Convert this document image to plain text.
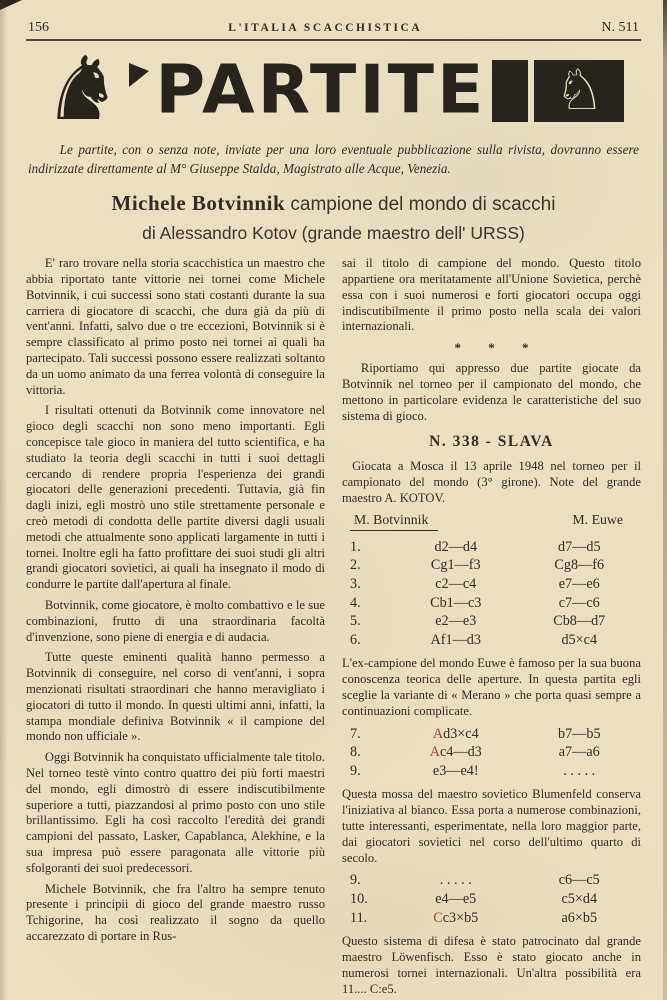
156	L'ITALIA SCACCHISTICA	N. 511
♞ PARTITE ♘

Le partite, con o senza note, inviate per una loro eventuale pubblicazione sulla rivista, dovranno essere indirizzate direttamente al M° Giuseppe Stalda, Magistrato alle Acque, Venezia.

Michele Botvinnik campione del mondo di scacchi
di Alessandro Kotov (grande maestro dell' URSS)

E' raro trovare nella storia scacchistica un maestro che abbia riportato tante vittorie nei tornei come Michele Botvinnik, i cui successi sono stati costanti durante la sua carriera di giocatore di scacchi, che dura già da più di vent'anni. Infatti, salvo due o tre eccezioni, Botvinnik si è sempre classificato al primo posto nei tornei ai quali ha partecipato. Tali successi possono essere realizzati soltanto da un uomo animato da una ferrea volontà di conseguire la vittoria.

I risultati ottenuti da Botvinnik come innovatore nel gioco degli scacchi non sono meno importanti. Egli concepisce tale gioco in maniera del tutto scientifica, e ha studiato la teoria degli scacchi in tutti i suoi dettagli cercando di rendere propria l'esperienza dei grandi giocatori delle generazioni precedenti. Tuttavia, già fin dagli inizi, egli mostrò uno stile strettamente personale e creò metodi di condotta delle partite diversi dagli usuali metodi che attualmente sono applicati largamente in tutti i tornei. Inoltre egli ha fatto profittare dei suoi studi gli altri grandi giocatori sovietici, ai quali ha insegnato il modo di condurre le partite dall'apertura al finale.

Botvinnik, come giocatore, è molto combattivo e le sue combinazioni, frutto di una straordinaria facoltà d'invenzione, sono piene di energia e di audacia.

Tutte queste eminenti qualità hanno permesso a Botvinnik di conseguire, nel corso di vent'anni, i sopra menzionati risultati straordinari che hanno meravigliato i giocatori di tutto il mondo. In questi ultimi anni, infatti, la stampa mondiale definiva Botvinnik « il campione del mondo non ufficiale ».

Oggi Botvinnik ha conquistato ufficialmente tale titolo. Nel torneo testè vinto contro quattro dei più forti maestri del mondo, egli dimostrò di essere indiscutibilmente superiore a tutti, piazzandosi al primo posto con uno stile brillantissimo. Egli ha così raccolto l'eredità dei grandi campioni del passato, Lasker, Capablanca, Alekhine, e la sua impresa può essere paragonata alle vittorie più sfolgoranti dei suoi predecessori.

Michele Botvinnik, che fra l'altro ha sempre tenuto presente i principii di gioco del grande maestro russo Tchigorine, ha così realizzato il sogno da quello accarezzato di portare in Rus-

sai il titolo di campione del mondo. Questo titolo appartiene ora meritatamente all'Unione Sovietica, perchè essa con i suoi numerosi e forti giocatori occupa oggi indiscutibilmente il primo posto nella scala dei valori internazionali.

* * *

Riportiamo qui appresso due partite giocate da Botvinnik nel torneo per il campionato del mondo, che mettono in particolare evidenza le caratteristiche del suo sistema di gioco.

N. 338 - SLAVA

Giocata a Mosca il 13 aprile 1948 nel torneo per il campionato del mondo (3° girone). Note del grande maestro A. KOTOV.

M. Botvinnik	M. Euwe
1.	d2—d4	d7—d5
2.	Cg1—f3	Cg8—f6
3.	c2—c4	e7—e6
4.	Cb1—c3	c7—c6
5.	e2—e3	Cb8—d7
6.	Af1—d3	d5×c4

L'ex-campione del mondo Euwe è famoso per la sua buona conoscenza teorica delle aperture. In questa partita egli sceglie la variante di « Merano » che porta quasi sempre a continuazioni complicate.

7.	Ad3×c4	b7—b5
8.	Ac4—d3	a7—a6
9.	e3—e4!	. . . . .

Questa mossa del maestro sovietico Blumenfeld conserva l'iniziativa al bianco. Essa porta a numerose combinazioni, tutte interessanti, esperimentate, nella loro maggior parte, dai giocatori sovietici nel corso dell'ultimo quarto di secolo.

9.	. . . . .	c6—c5
10.	e4—e5	c5×d4
11.	Cc3×b5	a6×b5

Questo sistema di difesa è stato patrocinato dal grande maestro Löwenfisch. Esso è stato giocato anche in numerosi tornei internazionali. Un'altra possibilità era 11.... C:e5.
